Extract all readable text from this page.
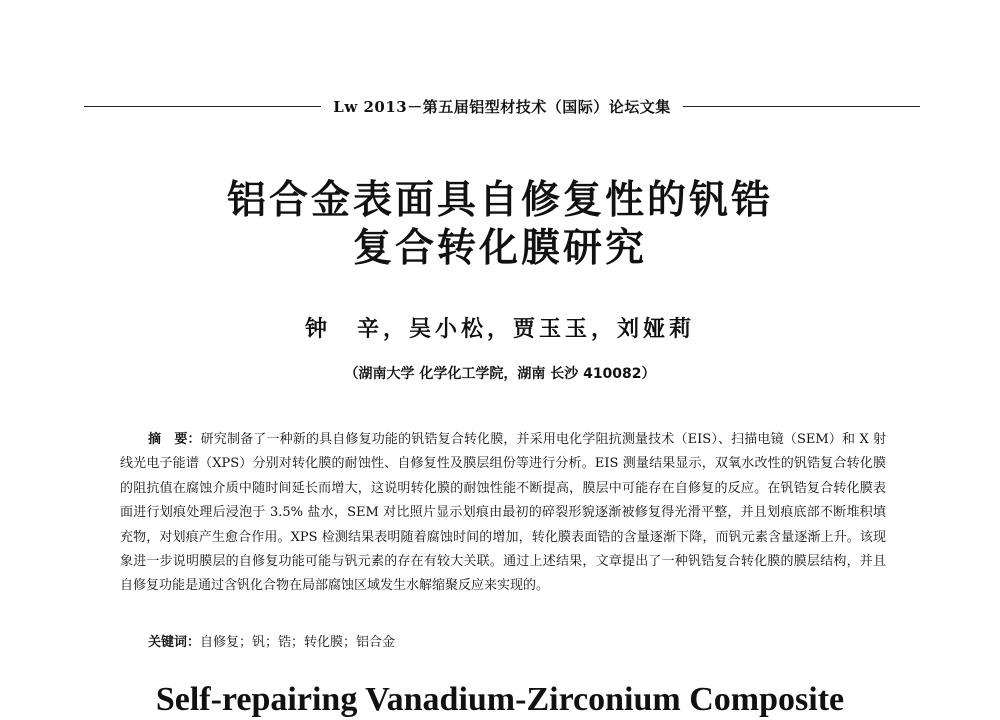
Lw 2013－第五届铝型材技术（国际）论坛文集
铝合金表面具自修复性的钒锆
复合转化膜研究
钟　辛，吴小松，贾玉玉，刘娅莉
（湖南大学 化学化工学院，湖南 长沙 410082）

摘　要：研究制备了一种新的具自修复功能的钒锆复合转化膜，并采用电化学阻抗测量技术（EIS）、扫描电镜（SEM）和 X 射线光电子能谱（XPS）分别对转化膜的耐蚀性、自修复性及膜层组份等进行分析。EIS 测量结果显示，双氧水改性的钒锆复合转化膜的阻抗值在腐蚀介质中随时间延长而增大，这说明转化膜的耐蚀性能不断提高，膜层中可能存在自修复的反应。在钒锆复合转化膜表面进行划痕处理后浸泡于 3.5% 盐水，SEM 对比照片显示划痕由最初的碎裂形貌逐渐被修复得光滑平整，并且划痕底部不断堆积填充物，对划痕产生愈合作用。XPS 检测结果表明随着腐蚀时间的增加，转化膜表面锆的含量逐渐下降，而钒元素含量逐渐上升。该现象进一步说明膜层的自修复功能可能与钒元素的存在有较大关联。通过上述结果，文章提出了一种钒锆复合转化膜的膜层结构，并且自修复功能是通过含钒化合物在局部腐蚀区域发生水解缩聚反应来实现的。

关键词：自修复；钒；锆；转化膜；铝合金
Self-repairing Vanadium-Zirconium Composite
